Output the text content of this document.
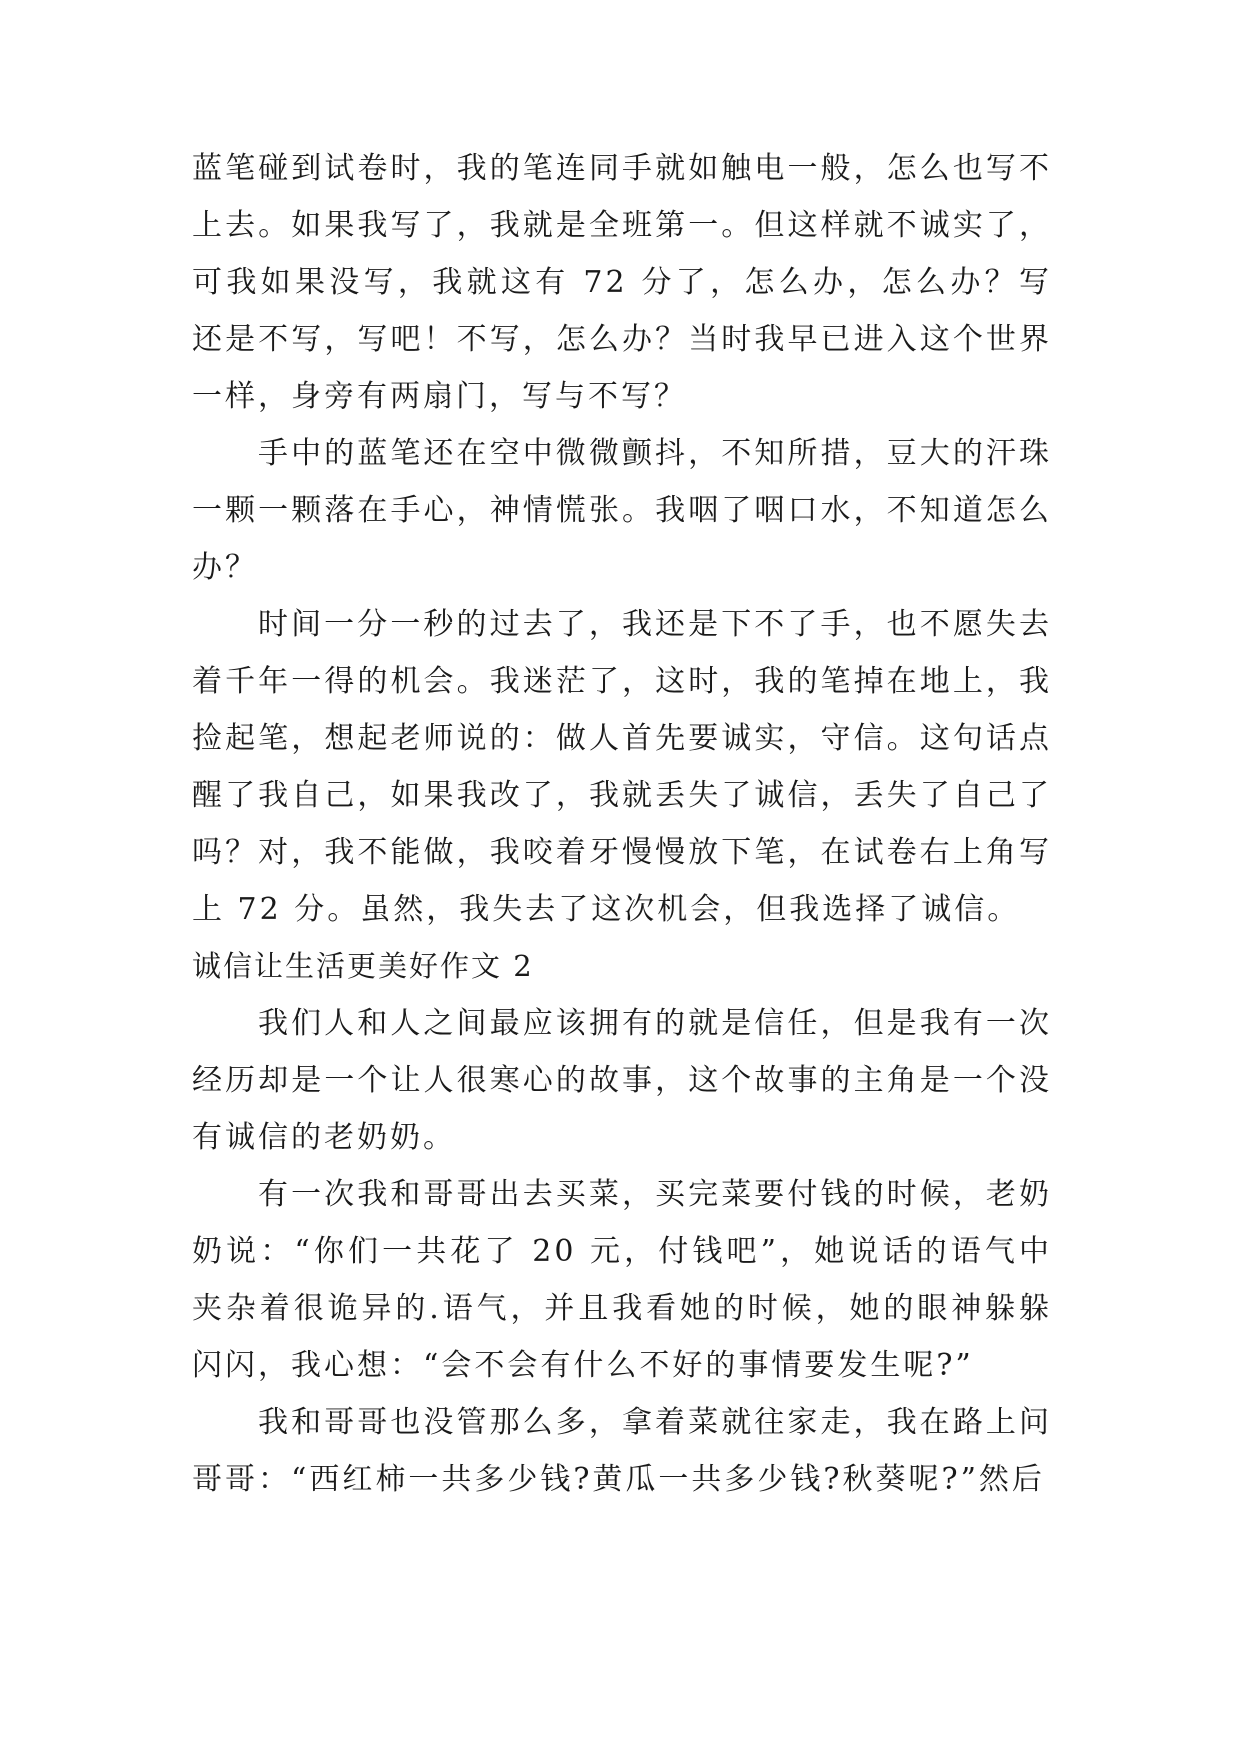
蓝笔碰到试卷时，我的笔连同手就如触电一般，怎么也写不上去。如果我写了，我就是全班第一。但这样就不诚实了，可我如果没写，我就这有 72 分了，怎么办，怎么办？写还是不写，写吧！不写，怎么办？当时我早已进入这个世界一样，身旁有两扇门，写与不写？

手中的蓝笔还在空中微微颤抖，不知所措，豆大的汗珠一颗一颗落在手心，神情慌张。我咽了咽口水，不知道怎么办？

时间一分一秒的过去了，我还是下不了手，也不愿失去着千年一得的机会。我迷茫了，这时，我的笔掉在地上，我捡起笔，想起老师说的：做人首先要诚实，守信。这句话点醒了我自己，如果我改了，我就丢失了诚信，丢失了自己了吗？对，我不能做，我咬着牙慢慢放下笔，在试卷右上角写上 72 分。虽然，我失去了这次机会，但我选择了诚信。

诚信让生活更美好作文 2

我们人和人之间最应该拥有的就是信任，但是我有一次经历却是一个让人很寒心的故事，这个故事的主角是一个没有诚信的老奶奶。

有一次我和哥哥出去买菜，买完菜要付钱的时候，老奶奶说：“你们一共花了 20 元，付钱吧”，她说话的语气中夹杂着很诡异的.语气，并且我看她的时候，她的眼神躲躲闪闪，我心想：“会不会有什么不好的事情要发生呢?”

我和哥哥也没管那么多，拿着菜就往家走，我在路上问哥哥：“西红柿一共多少钱?黄瓜一共多少钱?秋葵呢?”然后
